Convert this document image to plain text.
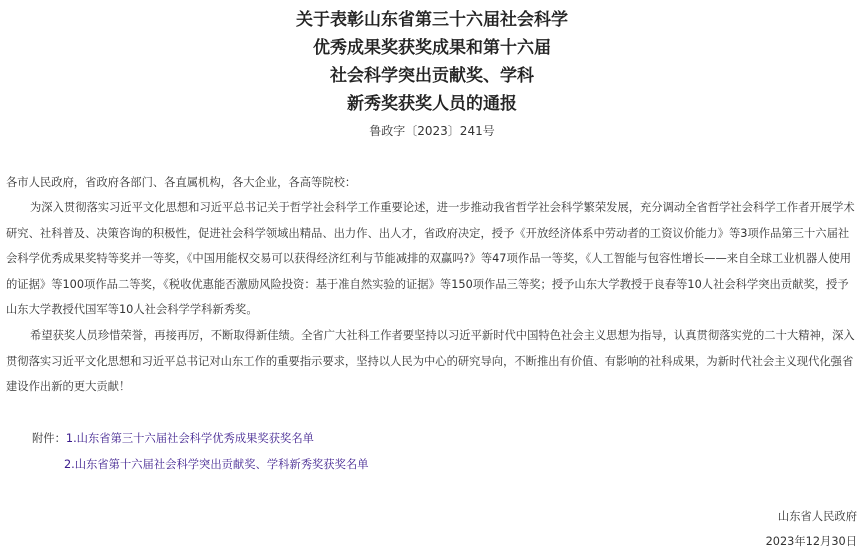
关于表彰山东省第三十六届社会科学
优秀成果奖获奖成果和第十六届
社会科学突出贡献奖、学科
新秀奖获奖人员的通报
鲁政字〔2023〕241号

各市人民政府，省政府各部门、各直属机构，各大企业，各高等院校：

为深入贯彻落实习近平文化思想和习近平总书记关于哲学社会科学工作重要论述，进一步推动我省哲学社会科学繁荣发展，充分调动全省哲学社会科学工作者开展学术研究、社科普及、决策咨询的积极性，促进社会科学领域出精品、出力作、出人才，省政府决定，授予《开放经济体系中劳动者的工资议价能力》等3项作品第三十六届社会科学优秀成果奖特等奖并一等奖，《中国用能权交易可以获得经济红利与节能减排的双赢吗?》等47项作品一等奖，《人工智能与包容性增长——来自全球工业机器人使用的证据》等100项作品二等奖，《税收优惠能否激励风险投资：基于准自然实验的证据》等150项作品三等奖；授予山东大学教授于良春等10人社会科学突出贡献奖，授予山东大学教授代国军等10人社会科学学科新秀奖。

希望获奖人员珍惜荣誉，再接再厉，不断取得新佳绩。全省广大社科工作者要坚持以习近平新时代中国特色社会主义思想为指导，认真贯彻落实党的二十大精神，深入贯彻落实习近平文化思想和习近平总书记对山东工作的重要指示要求，坚持以人民为中心的研究导向，不断推出有价值、有影响的社科成果，为新时代社会主义现代化强省建设作出新的更大贡献！

附件：1.山东省第三十六届社会科学优秀成果奖获奖名单
2.山东省第十六届社会科学突出贡献奖、学科新秀奖获奖名单
山东省人民政府
2023年12月30日
